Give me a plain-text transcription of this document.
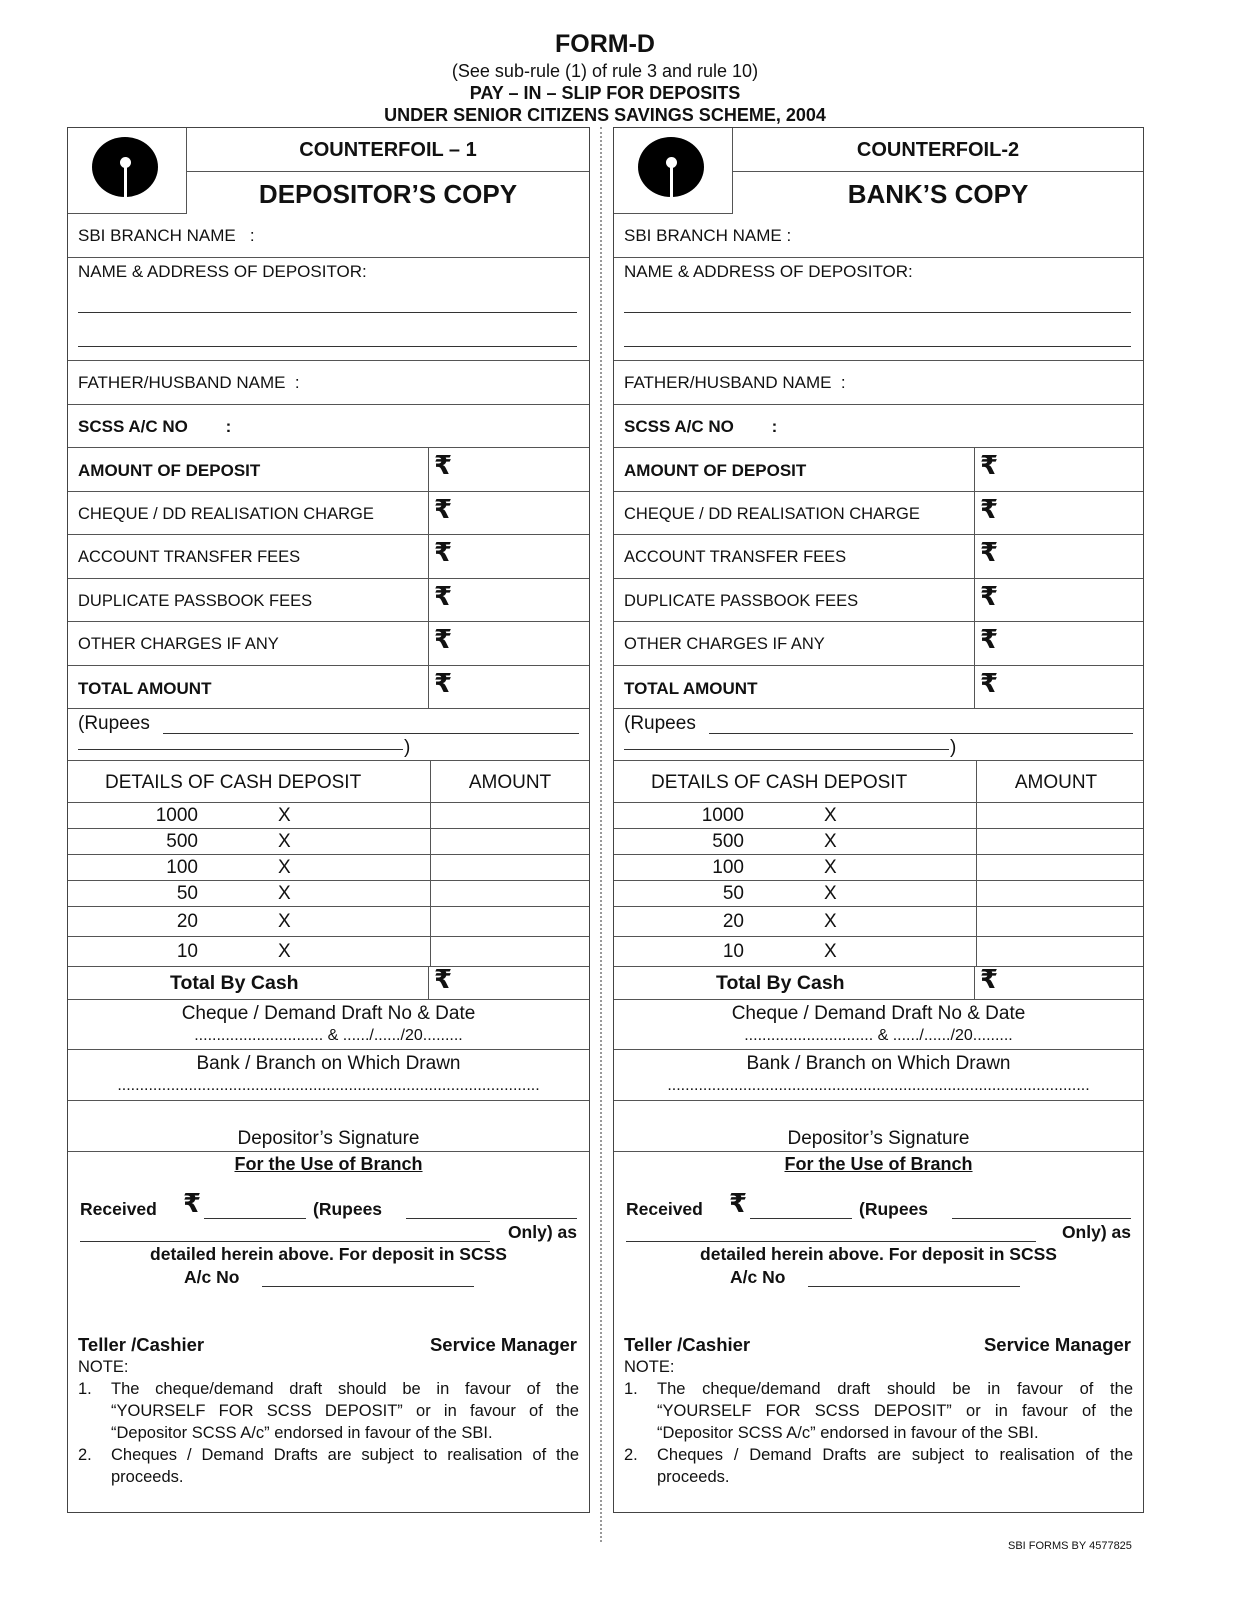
FORM-D
(See sub-rule (1) of rule 3 and rule 10)
PAY – IN – SLIP FOR DEPOSITS
UNDER SENIOR CITIZENS SAVINGS SCHEME, 2004
SBI FORMS BY 4577825
COUNTERFOIL – 1
DEPOSITOR’S COPY
SBI BRANCH NAME   :
NAME & ADDRESS OF DEPOSITOR:
FATHER/HUSBAND NAME  :
SCSS A/C NO        :
AMOUNT OF DEPOSIT	₹
CHEQUE / DD REALISATION CHARGE ₹
ACCOUNT TRANSFER FEES	₹
DUPLICATE PASSBOOK FEES	₹
OTHER CHARGES IF ANY	₹
TOTAL AMOUNT	₹
(Rupees
)
DETAILS OF CASH DEPOSIT	AMOUNT
1000	X
500	X
100	X
50	X
20	X
10	X
Total By Cash	₹
Cheque / Demand Draft No & Date
............................. & ....../....../20.........
Bank / Branch on Which Drawn
...............................................................................................
Depositor’s Signature
For the Use of Branch
Received ₹	(Rupees
Only) as
detailed herein above. For deposit in SCSS
A/c No
Teller /Cashier	Service Manager
NOTE:
1.	The cheque/demand draft should be in favour of the “YOURSELF FOR SCSS DEPOSIT” or in favour of the “Depositor SCSS A/c” endorsed in favour of the SBI.
2.	Cheques / Demand Drafts are subject to realisation of the proceeds.
COUNTERFOIL-2
BANK’S COPY
SBI BRANCH NAME :
NAME & ADDRESS OF DEPOSITOR:
FATHER/HUSBAND NAME  :
SCSS A/C NO        :
AMOUNT OF DEPOSIT	₹
CHEQUE / DD REALISATION CHARGE ₹
ACCOUNT TRANSFER FEES	₹
DUPLICATE PASSBOOK FEES	₹
OTHER CHARGES IF ANY	₹
TOTAL AMOUNT	₹
(Rupees
)
DETAILS OF CASH DEPOSIT	AMOUNT
1000	X
500	X
100	X
50	X
20	X
10	X
Total By Cash	₹
Cheque / Demand Draft No & Date
............................. & ....../....../20.........
Bank / Branch on Which Drawn
...............................................................................................
Depositor’s Signature
For the Use of Branch
Received ₹	(Rupees
Only) as
detailed herein above. For deposit in SCSS
A/c No
Teller /Cashier	Service Manager
NOTE:
1.	The cheque/demand draft should be in favour of the “YOURSELF FOR SCSS DEPOSIT” or in favour of the “Depositor SCSS A/c” endorsed in favour of the SBI.
2.	Cheques / Demand Drafts are subject to realisation of the proceeds.
